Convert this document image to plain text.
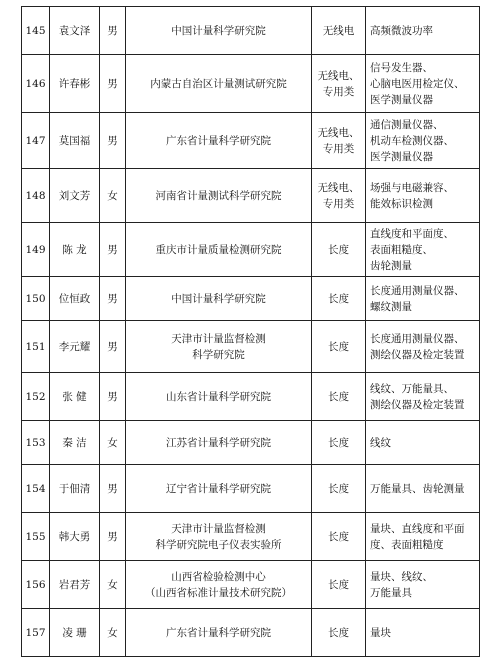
145	袁文泽	男	中国计量科学研究院	无线电	高频微波功率

146	许春彬	男	内蒙古自治区计量测试研究院	无线电、
专用类	信号发生器、
心脑电医用检定仪、
医学测量仪器

147	莫国福	男	广东省计量科学研究院	无线电、
专用类	通信测量仪器、
机动车检测仪器、
医学测量仪器

148	刘文芳	女	河南省计量测试科学研究院	无线电、
专用类	场强与电磁兼容、
能效标识检测

149	陈 龙	男	重庆市计量质量检测研究院	长度	直线度和平面度、
表面粗糙度、
齿轮测量

150	位恒政	男	中国计量科学研究院	长度	长度通用测量仪器、
螺纹测量

151	李元耀	男	天津市计量监督检测
科学研究院	长度	长度通用测量仪器、
测绘仪器及检定装置

152	张 健	男	山东省计量科学研究院	长度	线纹、万能量具、
测绘仪器及检定装置

153	秦 洁	女	江苏省计量科学研究院	长度	线纹

154	于佃清	男	辽宁省计量科学研究院	长度	万能量具、齿轮测量

155	韩大勇	男	天津市计量监督检测
科学研究院电子仪表实验所	长度	量块、直线度和平面
度、表面粗糙度

156	岩君芳	女	山西省检验检测中心
（山西省标准计量技术研究院）	长度	量块、线纹、
万能量具

157	凌 珊	女	广东省计量科学研究院	长度	量块
